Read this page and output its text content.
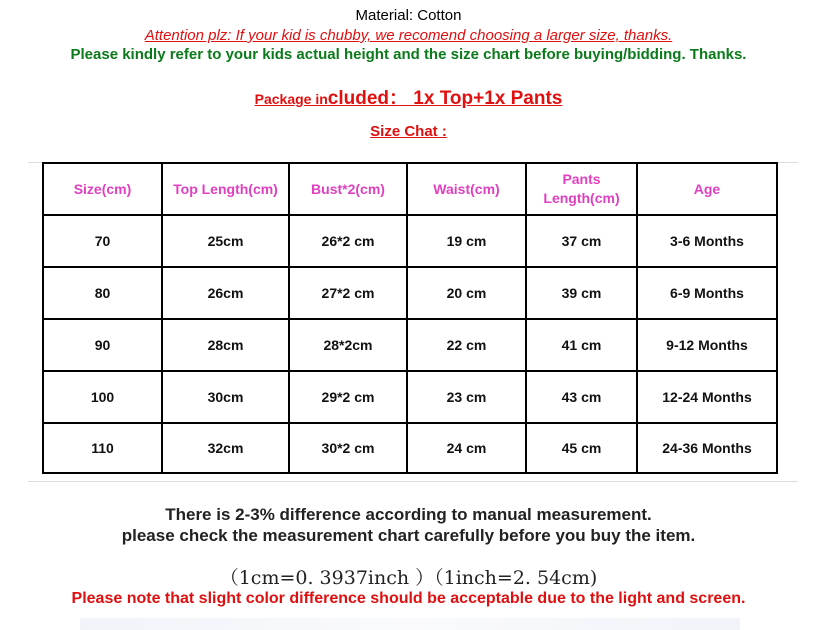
Material: Cotton
Attention plz: If your kid is chubby, we recomend choosing a larger size, thanks.
Please kindly refer to your kids actual height and the size chart before buying/bidding. Thanks.
Package included： 1x Top+1x Pants
Size Chat :
Size(cm)	Top Length(cm)	Bust*2(cm)	Waist(cm)	Pants Length(cm)	Age
70	25cm	26*2 cm	19 cm	37 cm	3-6 Months
80	26cm	27*2 cm	20 cm	39 cm	6-9 Months
90	28cm	28*2cm	22 cm	41 cm	9-12 Months
100	30cm	29*2 cm	23 cm	43 cm	12-24 Months
110	32cm	30*2 cm	24 cm	45 cm	24-36 Months
There is 2-3% difference according to manual measurement.
please check the measurement chart carefully before you buy the item.
（1cm=0. 3937inch ）（1inch=2. 54cm)
Please note that slight color difference should be acceptable due to the light and screen.
